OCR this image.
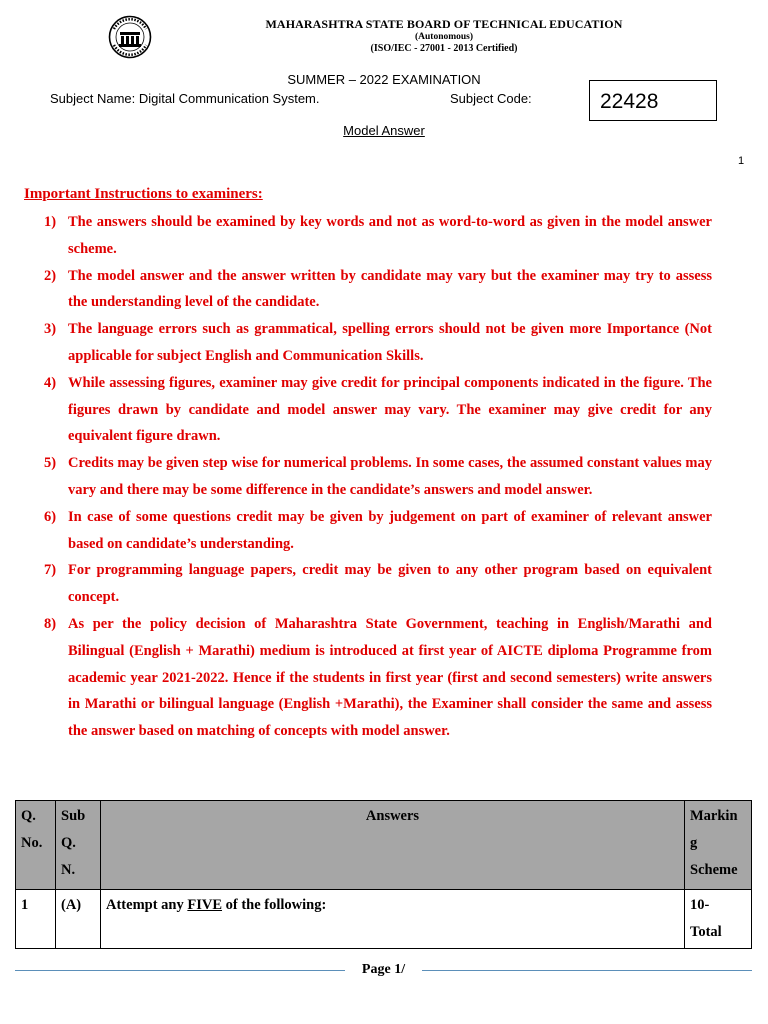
MAHARASHTRA STATE BOARD OF TECHNICAL EDUCATION
(Autonomous)
(ISO/IEC - 27001 - 2013 Certified)
SUMMER – 2022 EXAMINATION
Subject Name: Digital Communication System.	Subject Code:	22428
Model Answer
1
Important Instructions to examiners:
1) The answers should be examined by key words and not as word-to-word as given in the model answer scheme.
2) The model answer and the answer written by candidate may vary but the examiner may try to assess the understanding level of the candidate.
3) The language errors such as grammatical, spelling errors should not be given more Importance (Not applicable for subject English and Communication Skills.
4) While assessing figures, examiner may give credit for principal components indicated in the figure. The figures drawn by candidate and model answer may vary. The examiner may give credit for any equivalent figure drawn.
5) Credits may be given step wise for numerical problems. In some cases, the assumed constant values may vary and there may be some difference in the candidate’s answers and model answer.
6) In case of some questions credit may be given by judgement on part of examiner of relevant answer based on candidate’s understanding.
7) For programming language papers, credit may be given to any other program based on equivalent concept.
8) As per the policy decision of Maharashtra State Government, teaching in English/Marathi and Bilingual (English + Marathi) medium is introduced at first year of AICTE diploma Programme from academic year 2021-2022. Hence if the students in first year (first and second semesters) write answers in Marathi or bilingual language (English +Marathi), the Examiner shall consider the same and assess the answer based on matching of concepts with model answer.
Q.
No.	Sub
Q.
N.	Answers	Markin
g
Scheme
1	(A)	Attempt any FIVE of the following:	10-
Total
Page 1/
